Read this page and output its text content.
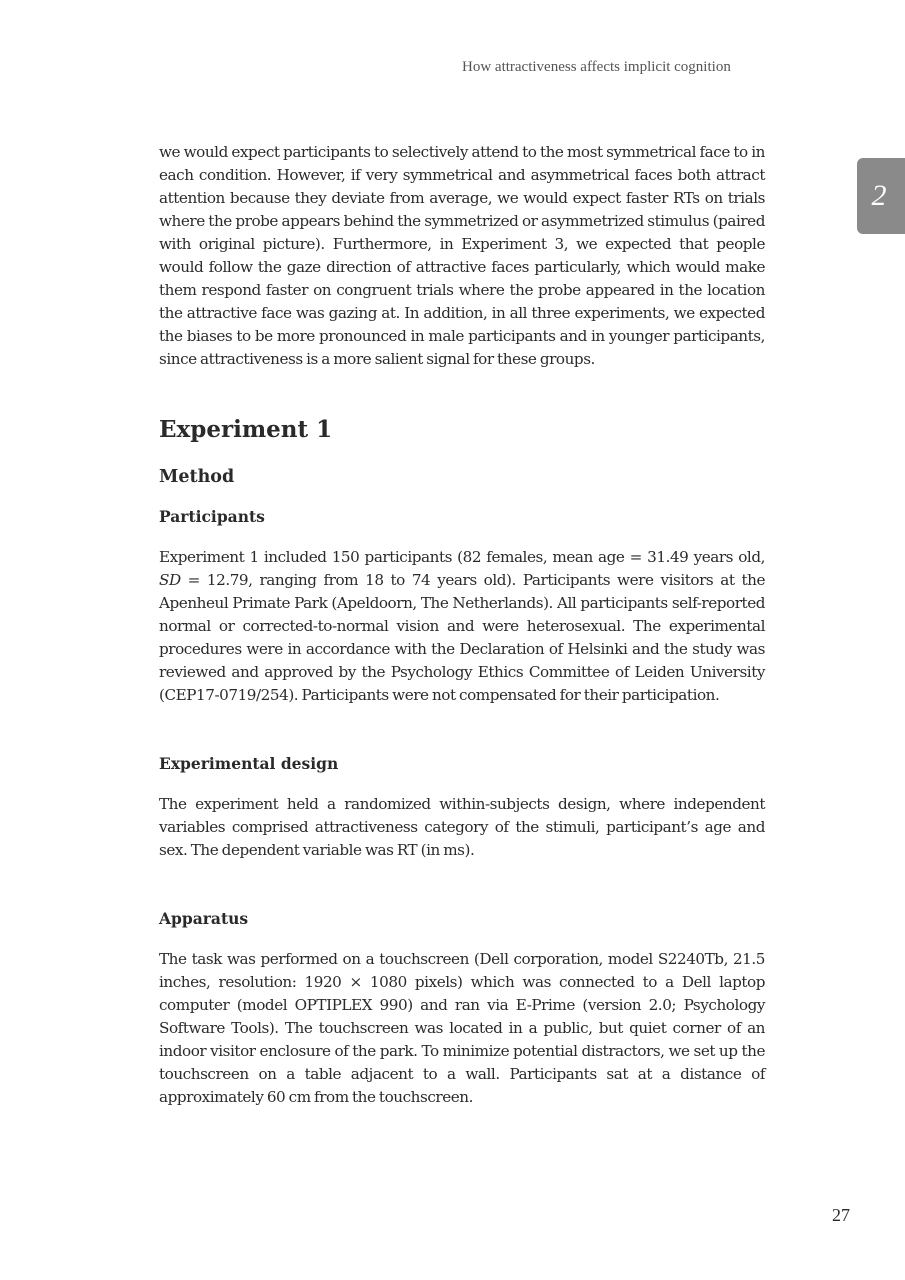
How attractiveness affects implicit cognition
2

we would expect participants to selectively attend to the most symmetrical face to in each condition. However, if very symmetrical and asymmetrical faces both attract attention because they deviate from average, we would expect faster RTs on trials where the probe appears behind the symmetrized or asymmetrized stimulus (paired with original picture). Furthermore, in Experiment 3, we expected that people would follow the gaze direction of attractive faces particularly, which would make them respond faster on congruent trials where the probe appeared in the location the attractive face was gazing at. In addition, in all three experiments, we expected the biases to be more pronounced in male participants and in younger participants, since attractiveness is a more salient signal for these groups.

Experiment 1
Method
Participants

Experiment 1 included 150 participants (82 females, mean age = 31.49 years old, SD = 12.79, ranging from 18 to 74 years old). Participants were visitors at the Apenheul Primate Park (Apeldoorn, The Netherlands). All participants self-reported normal or corrected-to-normal vision and were heterosexual. The experimental procedures were in accordance with the Declaration of Helsinki and the study was reviewed and approved by the Psychology Ethics Committee of Leiden University (CEP17-0719/254). Participants were not compensated for their participation.

Experimental design

The experiment held a randomized within-subjects design, where independent variables comprised attractiveness category of the stimuli, participant’s age and sex. The dependent variable was RT (in ms).

Apparatus

The task was performed on a touchscreen (Dell corporation, model S2240Tb, 21.5 inches, resolution: 1920 × 1080 pixels) which was connected to a Dell laptop computer (model OPTIPLEX 990) and ran via E-Prime (version 2.0; Psychology Software Tools). The touchscreen was located in a public, but quiet corner of an indoor visitor enclosure of the park. To minimize potential distractors, we set up the touchscreen on a table adjacent to a wall. Participants sat at a distance of approximately 60 cm from the touchscreen.

27
